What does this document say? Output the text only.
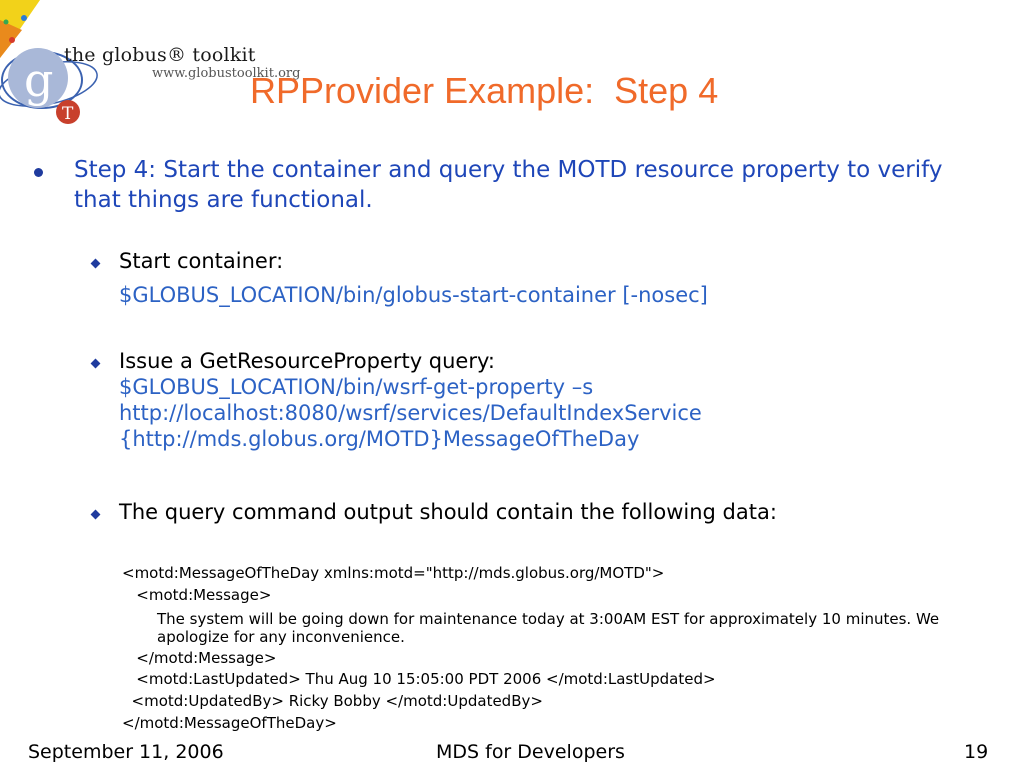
g
T
the globus® toolkit
www.globustoolkit.org
RPProvider Example:  Step 4
Step 4: Start the container and query the MOTD resource property to verify that things are functional.
Start container:
$GLOBUS_LOCATION/bin/globus-start-container [-nosec]
Issue a GetResourceProperty query:
$GLOBUS_LOCATION/bin/wsrf-get-property –s
http://localhost:8080/wsrf/services/DefaultIndexService
{http://mds.globus.org/MOTD}MessageOfTheDay
The query command output should contain the following data:
<motd:MessageOfTheDay xmlns:motd="http://mds.globus.org/MOTD">
<motd:Message>
The system will be going down for maintenance today at 3:00AM EST for approximately 10 minutes. We apologize for any inconvenience.
</motd:Message>
<motd:LastUpdated> Thu Aug 10 15:05:00 PDT 2006 </motd:LastUpdated>
<motd:UpdatedBy> Ricky Bobby </motd:UpdatedBy>
</motd:MessageOfTheDay>
September 11, 2006	MDS for Developers	19
